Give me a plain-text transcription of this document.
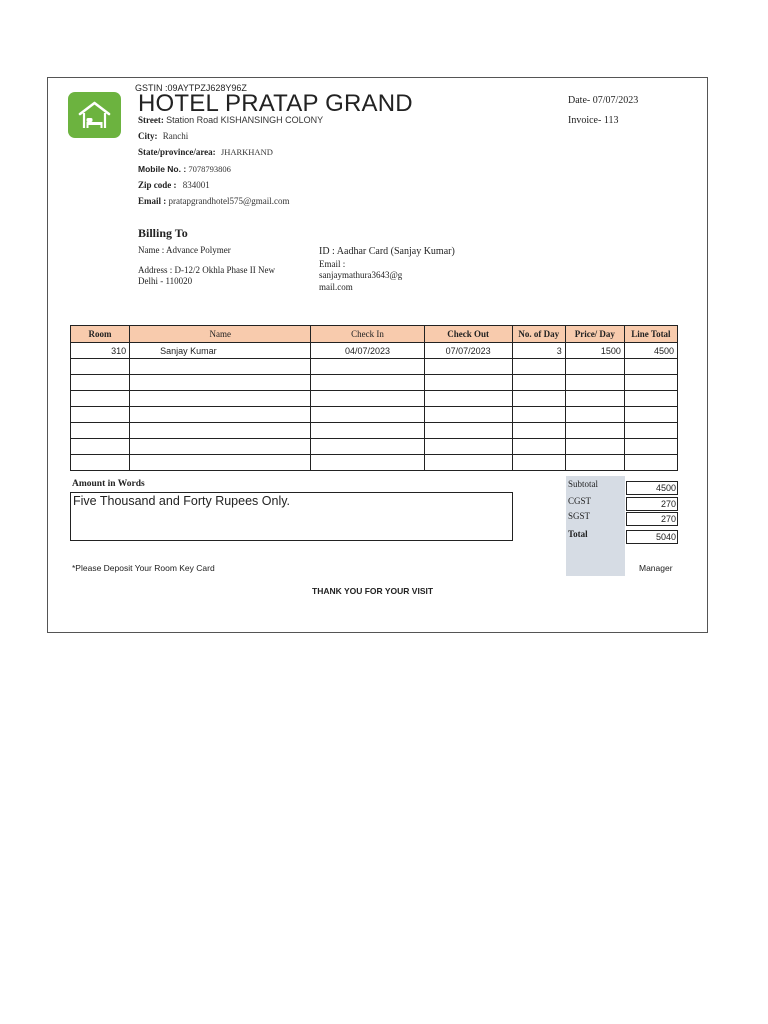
GSTIN :09AYTPZJ628Y96Z
HOTEL PRATAP GRAND
Street: Station Road KISHANSINGH COLONY
City: Ranchi
State/province/area: JHARKHAND
Mobile No. : 7078793806
Zip code : 834001
Email : pratapgrandhotel575@gmail.com
Date- 07/07/2023
Invoice- 113
Billing To
Name : Advance Polymer
Address : D-12/2 Okhla Phase II New
Delhi - 110020
ID : Aadhar Card (Sanjay Kumar)
Email :
sanjaymathura3643@g
mail.com
Room	Name	Check In	Check Out	No. of Day	Price/ Day	Line Total
310	Sanjay Kumar	04/07/2023	07/07/2023	3	1500	4500

Amount in Words
Five Thousand and Forty Rupees Only.
Subtotal	4500
CGST	270
SGST	270
Total	5040
*Please Deposit Your Room Key Card	Manager
THANK YOU FOR YOUR VISIT
